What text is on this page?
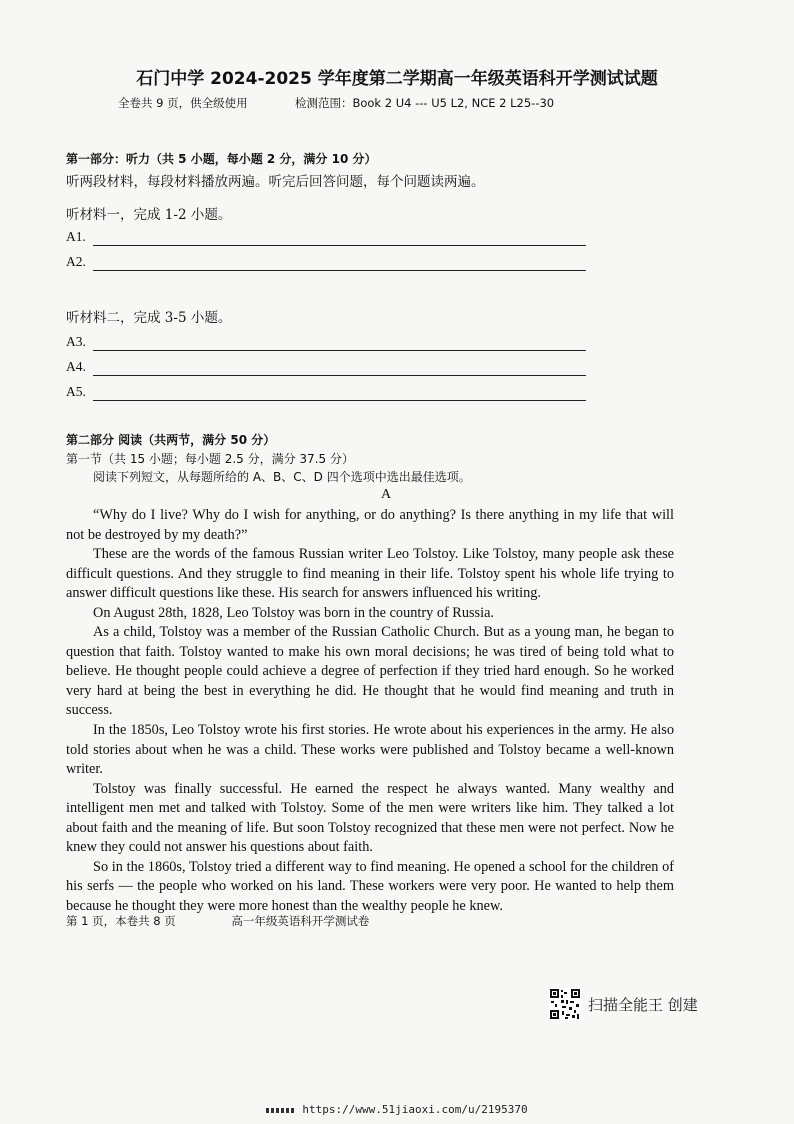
石门中学 2024-2025 学年度第二学期高一年级英语科开学测试试题
全卷共 9 页，供全级使用	检测范围：Book 2 U4 --- U5 L2, NCE 2 L25--30
第一部分：听力（共 5 小题，每小题 2 分，满分 10 分）
听两段材料，每段材料播放两遍。听完后回答问题，每个问题读两遍。
听材料一，完成 1-2 小题。
A1.
A2.
听材料二，完成 3-5 小题。
A3.
A4.
A5.
第二部分 阅读（共两节，满分 50 分）
第一节（共 15 小题；每小题 2.5 分，满分 37.5 分）
阅读下列短文，从每题所给的 A、B、C、D 四个选项中选出最佳选项。
A

“Why do I live? Why do I wish for anything, or do anything? Is there anything in my life that will not be destroyed by my death?”

These are the words of the famous Russian writer Leo Tolstoy. Like Tolstoy, many people ask these difficult questions. And they struggle to find meaning in their life. Tolstoy spent his whole life trying to answer difficult questions like these. His search for answers influenced his writing.

On August 28th, 1828, Leo Tolstoy was born in the country of Russia.

As a child, Tolstoy was a member of the Russian Catholic Church. But as a young man, he began to question that faith. Tolstoy wanted to make his own moral decisions; he was tired of being told what to believe. He thought people could achieve a degree of perfection if they tried hard enough. So he worked very hard at being the best in everything he did. He thought that he would find meaning and truth in success.

In the 1850s, Leo Tolstoy wrote his first stories. He wrote about his experiences in the army. He also told stories about when he was a child. These works were published and Tolstoy became a well-known writer.

Tolstoy was finally successful. He earned the respect he always wanted. Many wealthy and intelligent men met and talked with Tolstoy. Some of the men were writers like him. They talked a lot about faith and the meaning of life. But soon Tolstoy recognized that these men were not perfect. Now he knew they could not answer his questions about faith.

So in the 1860s, Tolstoy tried a different way to find meaning. He opened a school for the children of his serfs — the people who worked on his land. These workers were very poor. He wanted to help them because he thought they were more honest than the wealthy people he knew.

第 1 页，本卷共 8 页	高一年级英语科开学测试卷
扫描全能王 创建
https://www.51jiaoxi.com/u/2195370
